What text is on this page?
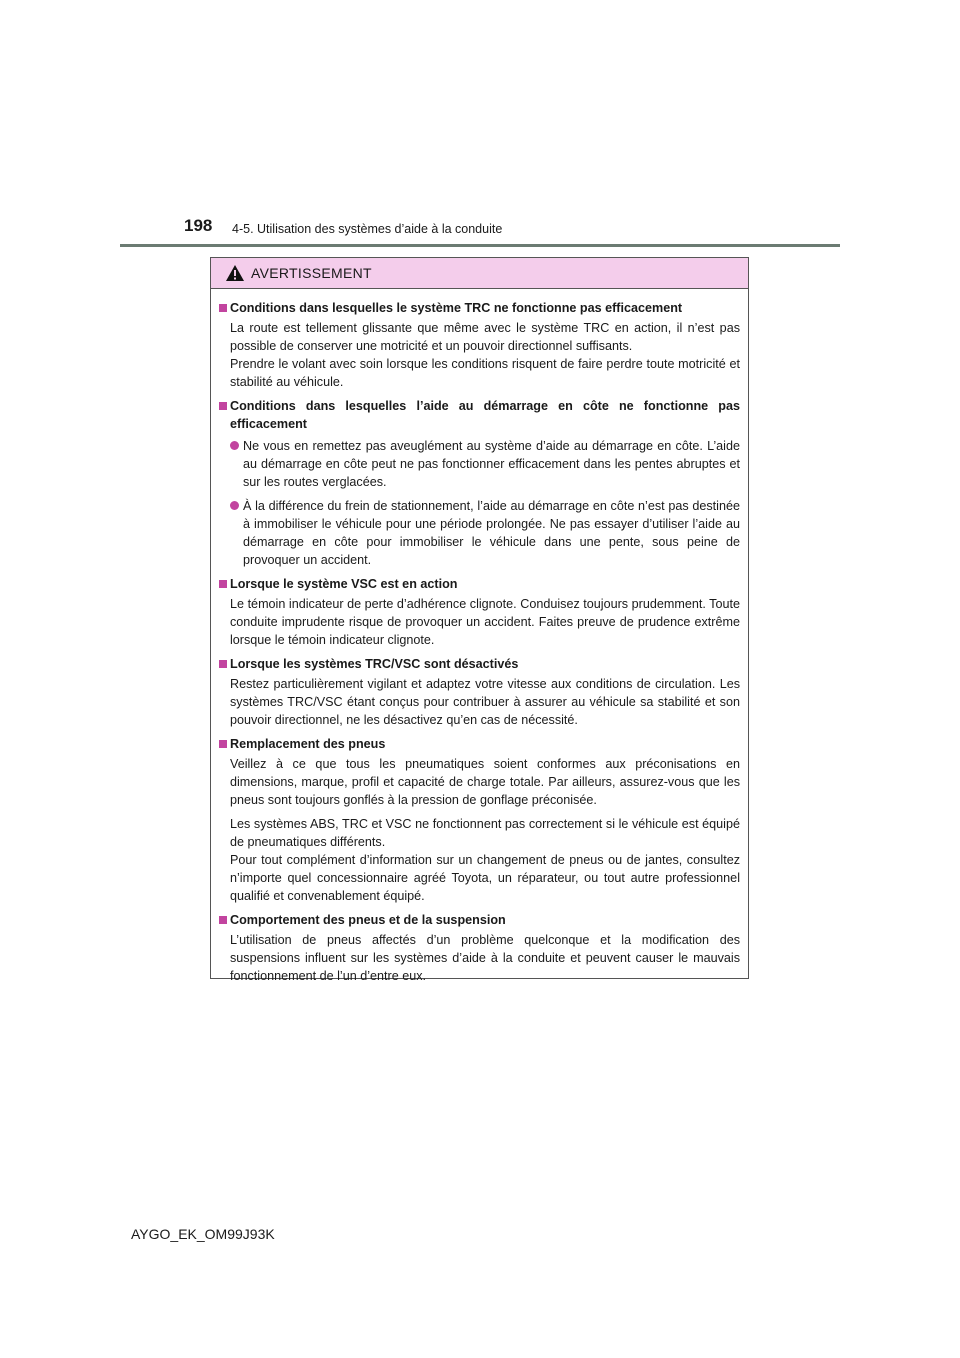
198 4-5. Utilisation des systèmes d’aide à la conduite
AVERTISSEMENT
Conditions dans lesquelles le système TRC ne fonctionne pas efficacement
La route est tellement glissante que même avec le système TRC en action, il n’est pas possible de conserver une motricité et un pouvoir directionnel suffisants.
Prendre le volant avec soin lorsque les conditions risquent de faire perdre toute motricité et stabilité au véhicule.
Conditions dans lesquelles l’aide au démarrage en côte ne fonctionne pas efficacement
Ne vous en remettez pas aveuglément au système d’aide au démarrage en côte. L’aide au démarrage en côte peut ne pas fonctionner efficacement dans les pentes abruptes et sur les routes verglacées.
À la différence du frein de stationnement, l’aide au démarrage en côte n’est pas destinée à immobiliser le véhicule pour une période prolongée. Ne pas essayer d’utiliser l’aide au démarrage en côte pour immobiliser le véhicule dans une pente, sous peine de provoquer un accident.
Lorsque le système VSC est en action
Le témoin indicateur de perte d’adhérence clignote. Conduisez toujours prudemment. Toute conduite imprudente risque de provoquer un accident. Faites preuve de prudence extrême lorsque le témoin indicateur clignote.
Lorsque les systèmes TRC/VSC sont désactivés
Restez particulièrement vigilant et adaptez votre vitesse aux conditions de circulation. Les systèmes TRC/VSC étant conçus pour contribuer à assurer au véhicule sa stabilité et son pouvoir directionnel, ne les désactivez qu’en cas de nécessité.
Remplacement des pneus
Veillez à ce que tous les pneumatiques soient conformes aux préconisations en dimensions, marque, profil et capacité de charge totale. Par ailleurs, assurez-vous que les pneus sont toujours gonflés à la pression de gonflage préconisée.
Les systèmes ABS, TRC et VSC ne fonctionnent pas correctement si le véhicule est équipé de pneumatiques différents.
Pour tout complément d’information sur un changement de pneus ou de jantes, consultez n’importe quel concessionnaire agréé Toyota, un réparateur, ou tout autre professionnel qualifié et convenablement équipé.
Comportement des pneus et de la suspension
L’utilisation de pneus affectés d’un problème quelconque et la modification des suspensions influent sur les systèmes d’aide à la conduite et peuvent causer le mauvais fonctionnement de l’un d’entre eux.
AYGO_EK_OM99J93K
